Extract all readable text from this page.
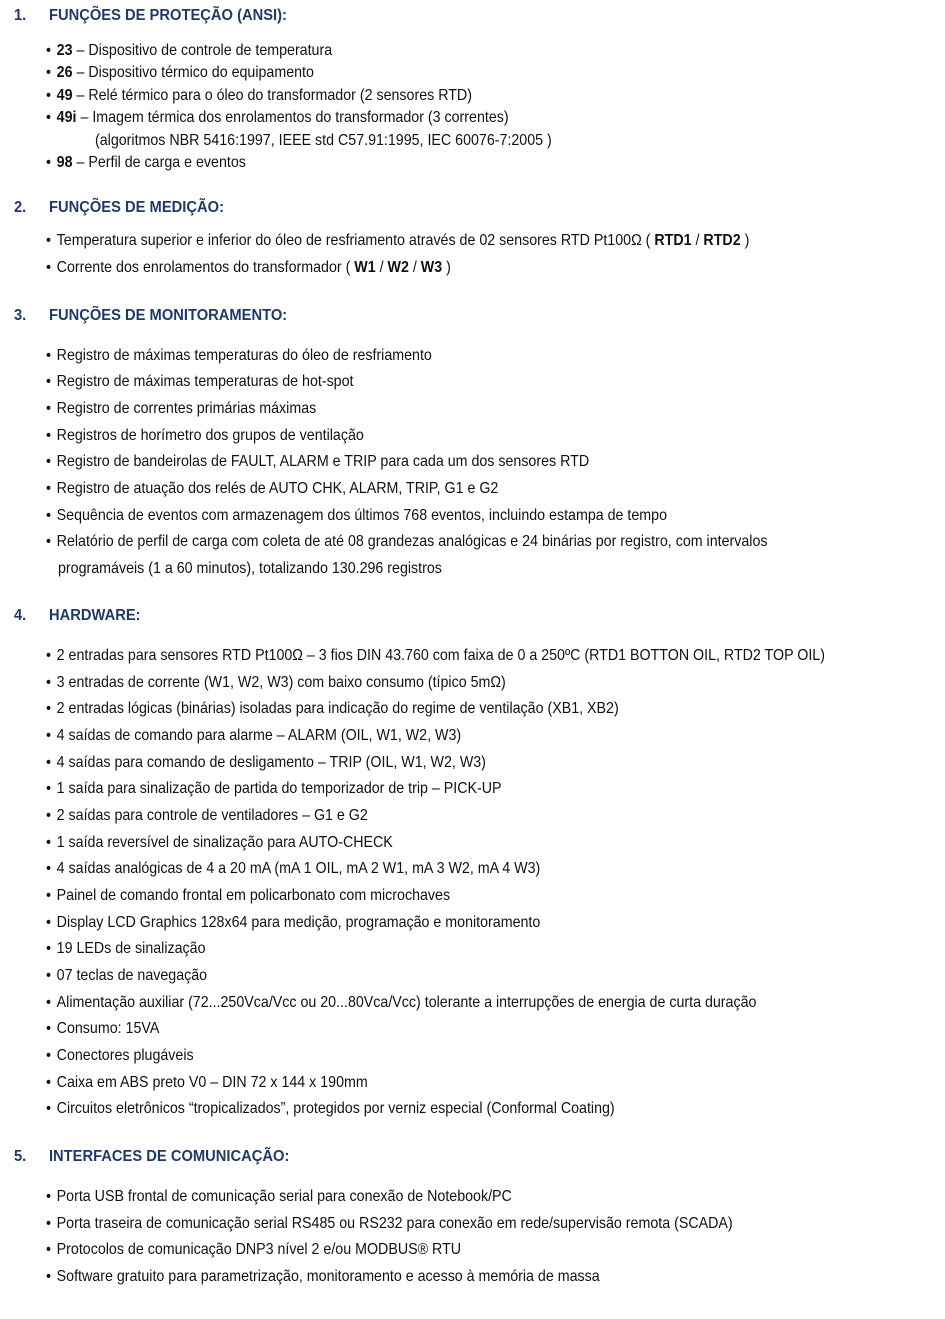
1. FUNÇÕES DE PROTEÇÃO (ANSI):
• 23 – Dispositivo de controle de temperatura
• 26 – Dispositivo térmico do equipamento
• 49 – Relé térmico para o óleo do transformador (2 sensores RTD)
• 49i – Imagem térmica dos enrolamentos do transformador (3 correntes)
(algoritmos NBR 5416:1997, IEEE std C57.91:1995, IEC 60076-7:2005 )
• 98 – Perfil de carga e eventos
2. FUNÇÕES DE MEDIÇÃO:
• Temperatura superior e inferior do óleo de resfriamento através de 02 sensores RTD Pt100Ω ( RTD1 / RTD2 )
• Corrente dos enrolamentos do transformador ( W1 / W2 / W3 )
3. FUNÇÕES DE MONITORAMENTO:
• Registro de máximas temperaturas do óleo de resfriamento
• Registro de máximas temperaturas de hot-spot
• Registro de correntes primárias máximas
• Registros de horímetro dos grupos de ventilação
• Registro de bandeirolas de FAULT, ALARM e TRIP para cada um dos sensores RTD
• Registro de atuação dos relés de AUTO CHK, ALARM, TRIP, G1 e G2
• Sequência de eventos com armazenagem dos últimos 768 eventos, incluindo estampa de tempo
• Relatório de perfil de carga com coleta de até 08 grandezas analógicas e 24 binárias por registro, com intervalos
programáveis (1 a 60 minutos), totalizando 130.296 registros
4. HARDWARE:
• 2 entradas para sensores RTD Pt100Ω – 3 fios DIN 43.760 com faixa de 0 a 250ºC (RTD1 BOTTON OIL, RTD2 TOP OIL)
• 3 entradas de corrente (W1, W2, W3) com baixo consumo (típico 5mΩ)
• 2 entradas lógicas (binárias) isoladas para indicação do regime de ventilação (XB1, XB2)
• 4 saídas de comando para alarme – ALARM (OIL, W1, W2, W3)
• 4 saídas para comando de desligamento – TRIP (OIL, W1, W2, W3)
• 1 saída para sinalização de partida do temporizador de trip – PICK-UP
• 2 saídas para controle de ventiladores – G1 e G2
• 1 saída reversível de sinalização para AUTO-CHECK
• 4 saídas analógicas de 4 a 20 mA (mA 1 OIL, mA 2 W1, mA 3 W2, mA 4 W3)
• Painel de comando frontal em policarbonato com microchaves
• Display LCD Graphics 128x64 para medição, programação e monitoramento
• 19 LEDs de sinalização
• 07 teclas de navegação
• Alimentação auxiliar (72...250Vca/Vcc ou 20...80Vca/Vcc) tolerante a interrupções de energia de curta duração
• Consumo: 15VA
• Conectores plugáveis
• Caixa em ABS preto V0 – DIN 72 x 144 x 190mm
• Circuitos eletrônicos “tropicalizados”, protegidos por verniz especial (Conformal Coating)
5. INTERFACES DE COMUNICAÇÃO:
• Porta USB frontal de comunicação serial para conexão de Notebook/PC
• Porta traseira de comunicação serial RS485 ou RS232 para conexão em rede/supervisão remota (SCADA)
• Protocolos de comunicação DNP3 nível 2 e/ou MODBUS® RTU
• Software gratuito para parametrização, monitoramento e acesso à memória de massa
